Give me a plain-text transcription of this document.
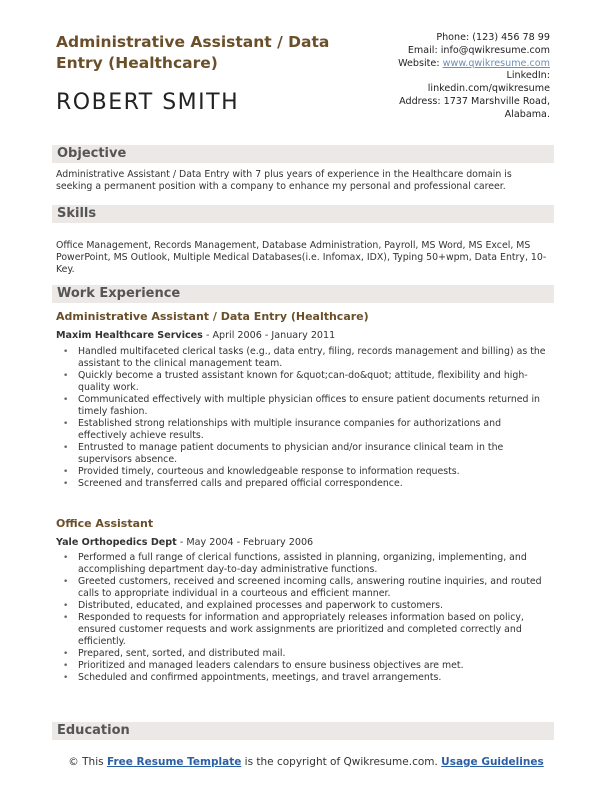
Administrative Assistant / Data Entry (Healthcare)
ROBERT SMITH
Phone: (123) 456 78 99
Email: info@qwikresume.com
Website: www.qwikresume.com
LinkedIn:
linkedin.com/qwikresume
Address: 1737 Marshville Road,
Alabama.
Objective
Administrative Assistant / Data Entry with 7 plus years of experience in the Healthcare domain is seeking a permanent position with a company to enhance my personal and professional career.
Skills
Office Management, Records Management, Database Administration, Payroll, MS Word, MS Excel, MS PowerPoint, MS Outlook, Multiple Medical Databases(i.e. Infomax, IDX), Typing 50+wpm, Data Entry, 10-Key.
Work Experience
Administrative Assistant / Data Entry (Healthcare)
Maxim Healthcare Services - April 2006 - January 2011
• Handled multifaceted clerical tasks (e.g., data entry, filing, records management and billing) as the assistant to the clinical management team.
• Quickly become a trusted assistant known for &quot;can-do&quot; attitude, flexibility and high-quality work.
• Communicated effectively with multiple physician offices to ensure patient documents returned in timely fashion.
• Established strong relationships with multiple insurance companies for authorizations and effectively achieve results.
• Entrusted to manage patient documents to physician and/or insurance clinical team in the supervisors absence.
• Provided timely, courteous and knowledgeable response to information requests.
• Screened and transferred calls and prepared official correspondence.
Office Assistant
Yale Orthopedics Dept - May 2004 - February 2006
• Performed a full range of clerical functions, assisted in planning, organizing, implementing, and accomplishing department day-to-day administrative functions.
• Greeted customers, received and screened incoming calls, answering routine inquiries, and routed calls to appropriate individual in a courteous and efficient manner.
• Distributed, educated, and explained processes and paperwork to customers.
• Responded to requests for information and appropriately releases information based on policy, ensured customer requests and work assignments are prioritized and completed correctly and efficiently.
• Prepared, sent, sorted, and distributed mail.
• Prioritized and managed leaders calendars to ensure business objectives are met.
• Scheduled and confirmed appointments, meetings, and travel arrangements.
Education
© This Free Resume Template is the copyright of Qwikresume.com. Usage Guidelines
